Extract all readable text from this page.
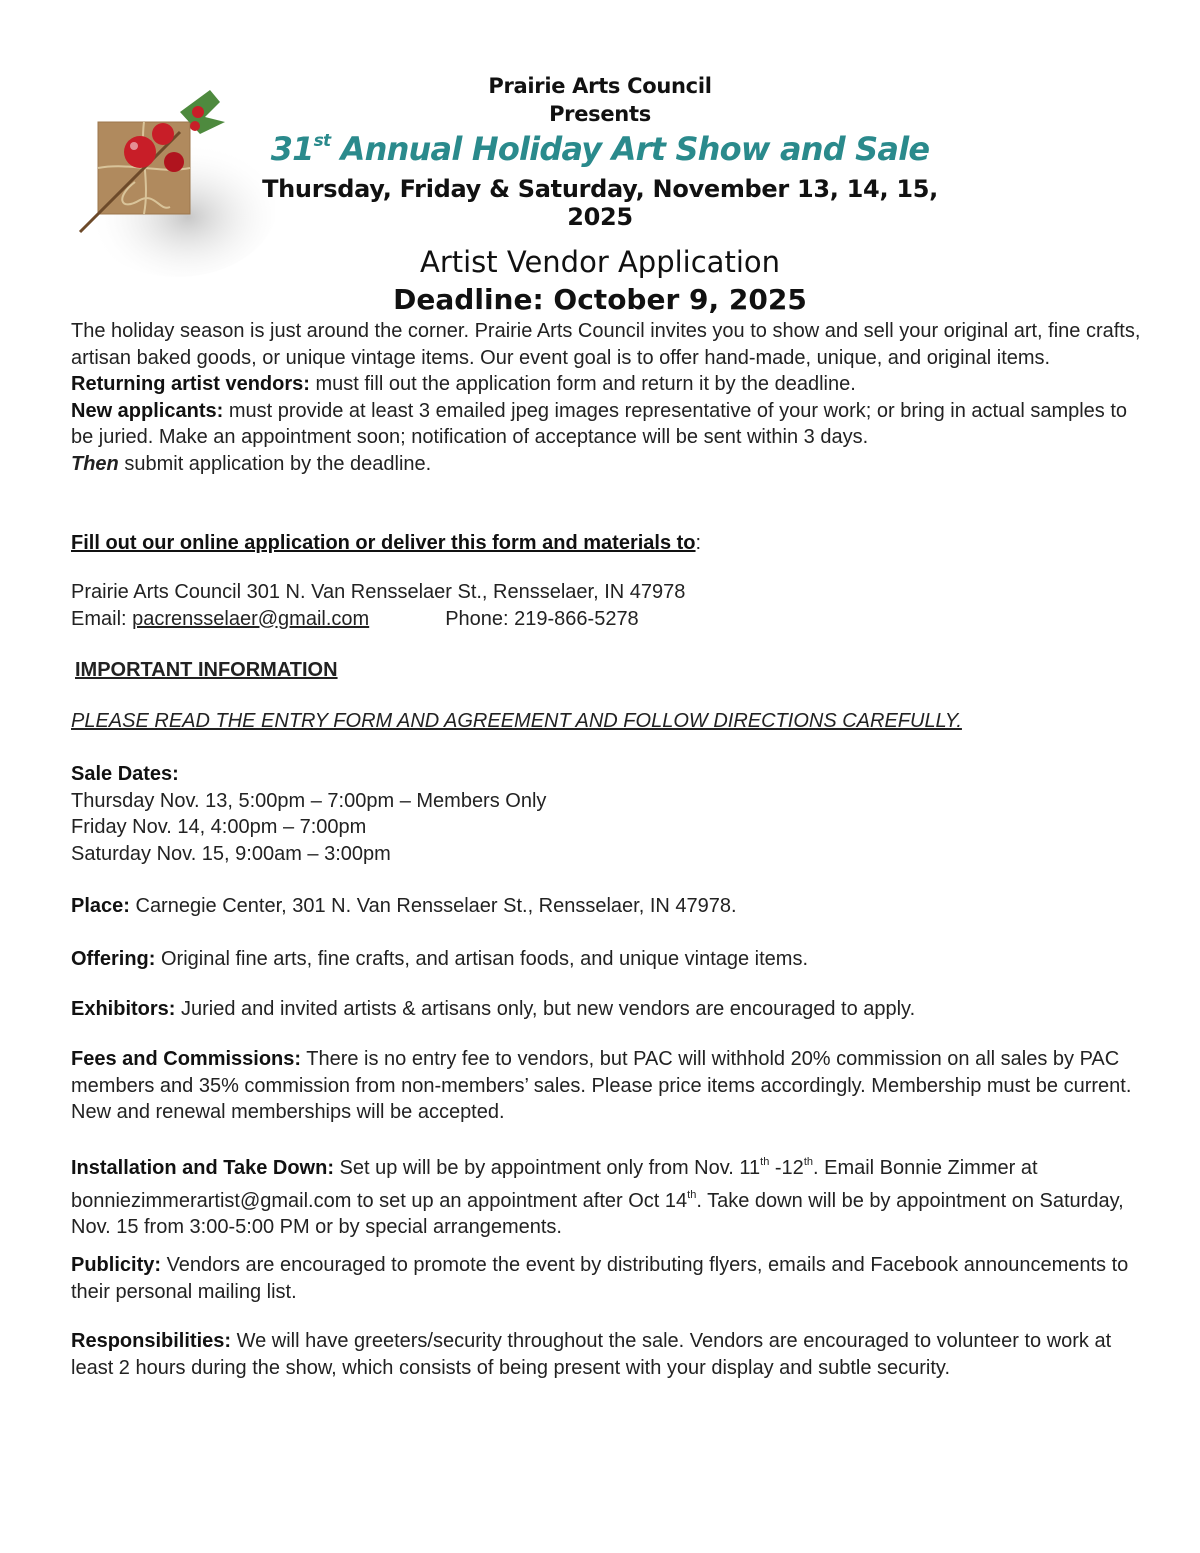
Prairie Arts Council
Presents
31st Annual Holiday Art Show and Sale
Thursday, Friday & Saturday, November 13, 14, 15, 2025
Artist Vendor Application
Deadline: October 9, 2025

The holiday season is just around the corner. Prairie Arts Council invites you to show and sell your original art, fine crafts, artisan baked goods, or unique vintage items. Our event goal is to offer hand-made, unique, and original items.

Returning artist vendors: must fill out the application form and return it by the deadline.

New applicants: must provide at least 3 emailed jpeg images representative of your work; or bring in actual samples to be juried. Make an appointment soon; notification of acceptance will be sent within 3 days.

Then submit application by the deadline.

Fill out our online application or deliver this form and materials to:

Prairie Arts Council 301 N. Van Rensselaer St., Rensselaer, IN 47978

Email: pacrensselaer@gmail.com	Phone: 219-866-5278

IMPORTANT INFORMATION
PLEASE READ THE ENTRY FORM AND AGREEMENT AND FOLLOW DIRECTIONS CAREFULLY.

Sale Dates:

Thursday Nov. 13, 5:00pm – 7:00pm – Members Only

Friday Nov. 14, 4:00pm – 7:00pm

Saturday Nov. 15, 9:00am – 3:00pm

Place: Carnegie Center, 301 N. Van Rensselaer St., Rensselaer, IN 47978.
Offering: Original fine arts, fine crafts, and artisan foods, and unique vintage items.
Exhibitors: Juried and invited artists & artisans only, but new vendors are encouraged to apply.
Fees and Commissions: There is no entry fee to vendors, but PAC will withhold 20% commission on all sales by PAC members and 35% commission from non-members’ sales. Please price items accordingly. Membership must be current. New and renewal memberships will be accepted.
Installation and Take Down: Set up will be by appointment only from Nov. 11th -12th. Email Bonnie Zimmer at bonniezimmerartist@gmail.com to set up an appointment after Oct 14th. Take down will be by appointment on Saturday, Nov. 15 from 3:00-5:00 PM or by special arrangements.
Publicity: Vendors are encouraged to promote the event by distributing flyers, emails and Facebook announcements to their personal mailing list.
Responsibilities: We will have greeters/security throughout the sale. Vendors are encouraged to volunteer to work at least 2 hours during the show, which consists of being present with your display and subtle security.
